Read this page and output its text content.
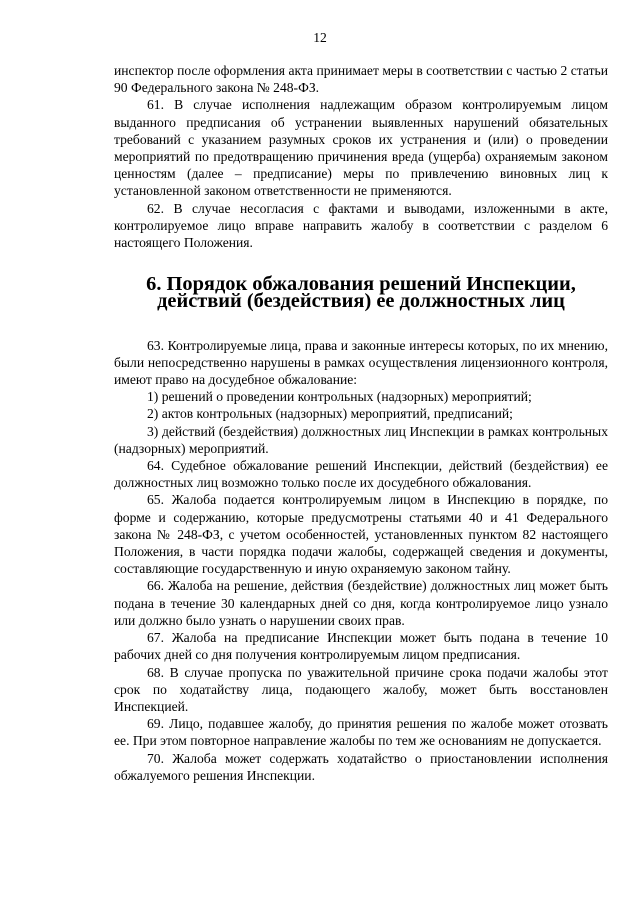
12

инспектор после оформления акта принимает меры в соответствии с частью 2 статьи 90 Федерального закона № 248-ФЗ.

61. В случае исполнения надлежащим образом контролируемым лицом выданного предписания об устранении выявленных нарушений обязательных требований с указанием разумных сроков их устранения и (или) о проведении мероприятий по предотвращению причинения вреда (ущерба) охраняемым законом ценностям (далее – предписание) меры по привлечению виновных лиц к установленной законом ответственности не применяются.

62. В случае несогласия с фактами и выводами, изложенными в акте, контролируемое лицо вправе направить жалобу в соответствии с разделом 6 настоящего Положения.

6. Порядок обжалования решений Инспекции, действий (бездействия) ее должностных лиц

63. Контролируемые лица, права и законные интересы которых, по их мнению, были непосредственно нарушены в рамках осуществления лицензионного контроля, имеют право на досудебное обжалование:

1) решений о проведении контрольных (надзорных) мероприятий;

2) актов контрольных (надзорных) мероприятий, предписаний;

3) действий (бездействия) должностных лиц Инспекции в рамках контрольных (надзорных) мероприятий.

64. Судебное обжалование решений Инспекции, действий (бездействия) ее должностных лиц возможно только после их досудебного обжалования.

65. Жалоба подается контролируемым лицом в Инспекцию в порядке, по форме и содержанию, которые предусмотрены статьями 40 и 41 Федерального закона № 248-ФЗ, с учетом особенностей, установленных пунктом 82 настоящего Положения, в части порядка подачи жалобы, содержащей сведения и документы, составляющие государственную и иную охраняемую законом тайну.

66. Жалоба на решение, действия (бездействие) должностных лиц может быть подана в течение 30 календарных дней со дня, когда контролируемое лицо узнало или должно было узнать о нарушении своих прав.

67. Жалоба на предписание Инспекции может быть подана в течение 10 рабочих дней со дня получения контролируемым лицом предписания.

68. В случае пропуска по уважительной причине срока подачи жалобы этот срок по ходатайству лица, подающего жалобу, может быть восстановлен Инспекцией.

69. Лицо, подавшее жалобу, до принятия решения по жалобе может отозвать ее. При этом повторное направление жалобы по тем же основаниям не допускается.

70. Жалоба может содержать ходатайство о приостановлении исполнения обжалуемого решения Инспекции.
